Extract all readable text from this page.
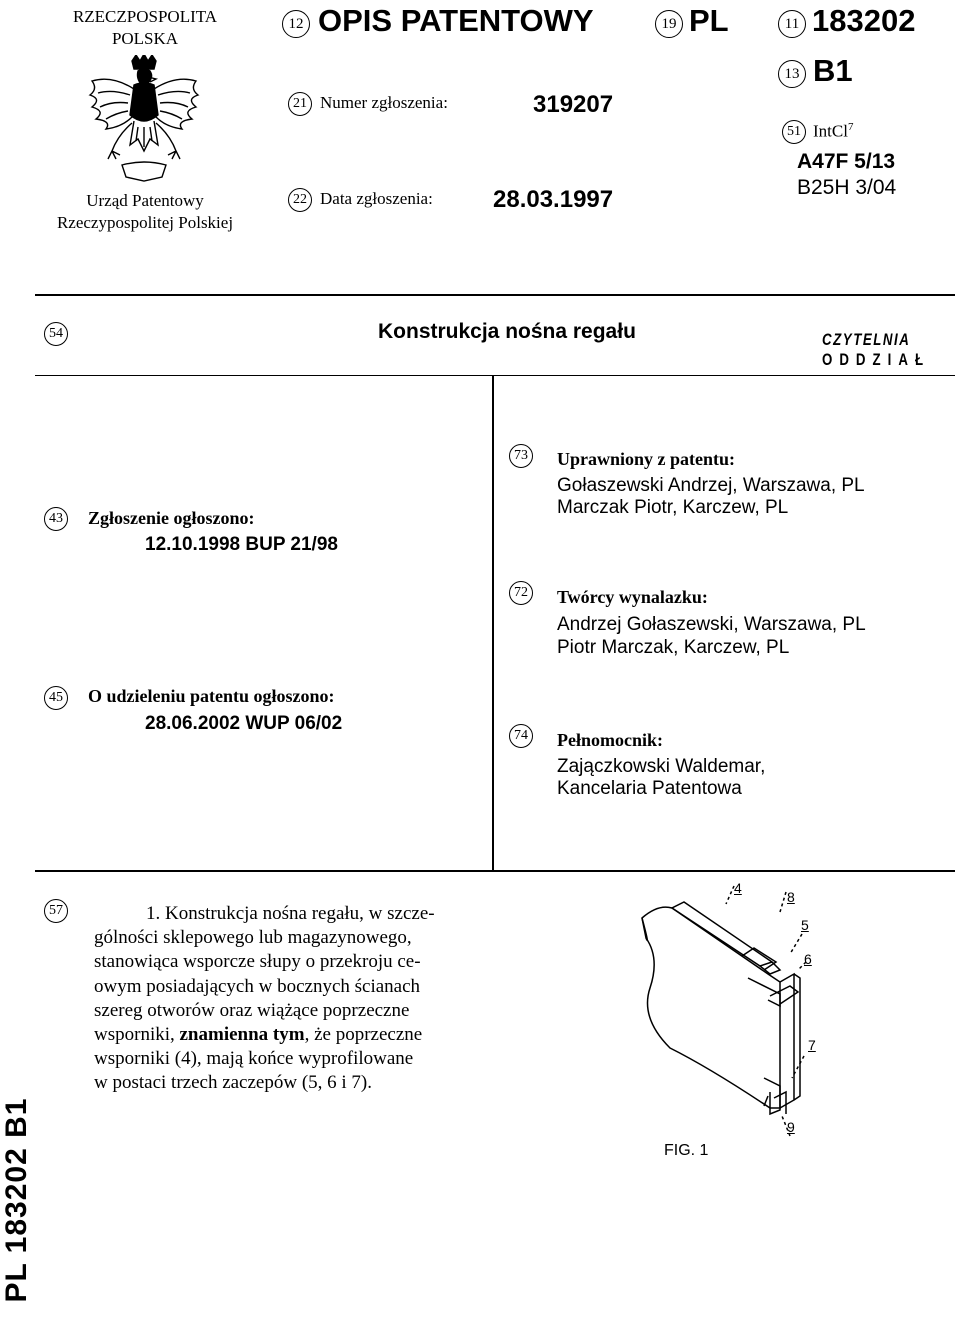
RZECZPOSPOLITA
POLSKA
Urząd Patentowy
Rzeczypospolitej Polskiej
12 OPIS PATENTOWY	19 PL	11 183202
13 B1
21 Numer zgłoszenia:	319207
51 IntCl$^7$
A47F 5/13
B25H 3/04
22 Data zgłoszenia:	28.03.1997
54	Konstrukcja nośna regału	CZYTELNIA
ODDZIAŁ
43 Zgłoszenie ogłoszono:
12.10.1998 BUP 21/98
45 O udzieleniu patentu ogłoszono:
28.06.2002 WUP 06/02
73 Uprawniony z patentu:
Gołaszewski Andrzej, Warszawa, PL
Marczak Piotr, Karczew, PL
72 Twórcy wynalazku:
Andrzej Gołaszewski, Warszawa, PL
Piotr Marczak, Karczew, PL
74 Pełnomocnik:
Zajączkowski Waldemar,
Kancelaria Patentowa
57	1. Konstrukcja nośna regału, w szcze-
gólności sklepowego lub magazynowego,
stanowiąca wsporcze słupy o przekroju ce-
owym posiadających w bocznych ścianach
szereg otworów oraz wiążące poprzeczne
wsporniki, znamienna tym, że poprzeczne
wsporniki (4), mają końce wyprofilowane
w postaci trzech zaczepów (5, 6 i 7).
4
8
5
6
7
9
FIG. 1
PL 183202 B1
